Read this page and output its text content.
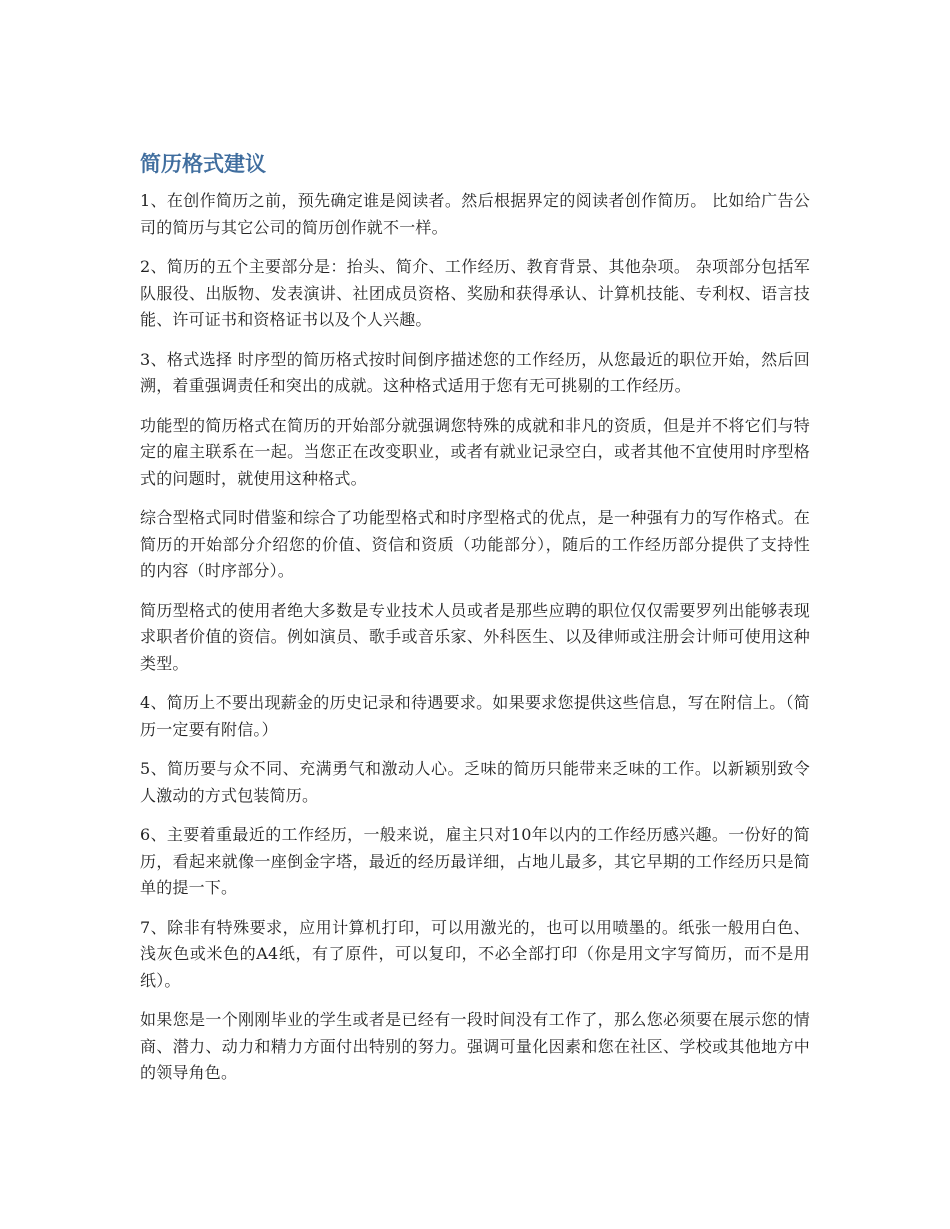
简历格式建议

1、在创作简历之前，预先确定谁是阅读者。然后根据界定的阅读者创作简历。 比如给广告公司的简历与其它公司的简历创作就不一样。

2、简历的五个主要部分是：抬头、简介、工作经历、教育背景、其他杂项。 杂项部分包括军队服役、出版物、发表演讲、社团成员资格、奖励和获得承认、计算机技能、专利权、语言技能、许可证书和资格证书以及个人兴趣。

3、格式选择 时序型的简历格式按时间倒序描述您的工作经历，从您最近的职位开始，然后回溯，着重强调责任和突出的成就。这种格式适用于您有无可挑剔的工作经历。

功能型的简历格式在简历的开始部分就强调您特殊的成就和非凡的资质，但是并不将它们与特定的雇主联系在一起。当您正在改变职业，或者有就业记录空白，或者其他不宜使用时序型格式的问题时，就使用这种格式。

综合型格式同时借鉴和综合了功能型格式和时序型格式的优点，是一种强有力的写作格式。在简历的开始部分介绍您的价值、资信和资质（功能部分），随后的工作经历部分提供了支持性的内容（时序部分）。

简历型格式的使用者绝大多数是专业技术人员或者是那些应聘的职位仅仅需要罗列出能够表现求职者价值的资信。例如演员、歌手或音乐家、外科医生、以及律师或注册会计师可使用这种类型。

4、简历上不要出现薪金的历史记录和待遇要求。如果要求您提供这些信息，写在附信上。（简历一定要有附信。）

5、简历要与众不同、充满勇气和激动人心。乏味的简历只能带来乏味的工作。以新颖别致令人激动的方式包装简历。

6、主要着重最近的工作经历，一般来说，雇主只对10年以内的工作经历感兴趣。一份好的简历，看起来就像一座倒金字塔，最近的经历最详细，占地儿最多，其它早期的工作经历只是简单的提一下。

7、除非有特殊要求，应用计算机打印，可以用激光的，也可以用喷墨的。纸张一般用白色、浅灰色或米色的A4纸，有了原件，可以复印，不必全部打印（你是用文字写简历，而不是用纸）。

如果您是一个刚刚毕业的学生或者是已经有一段时间没有工作了，那么您必须要在展示您的情商、潜力、动力和精力方面付出特别的努力。强调可量化因素和您在社区、学校或其他地方中的领导角色。
